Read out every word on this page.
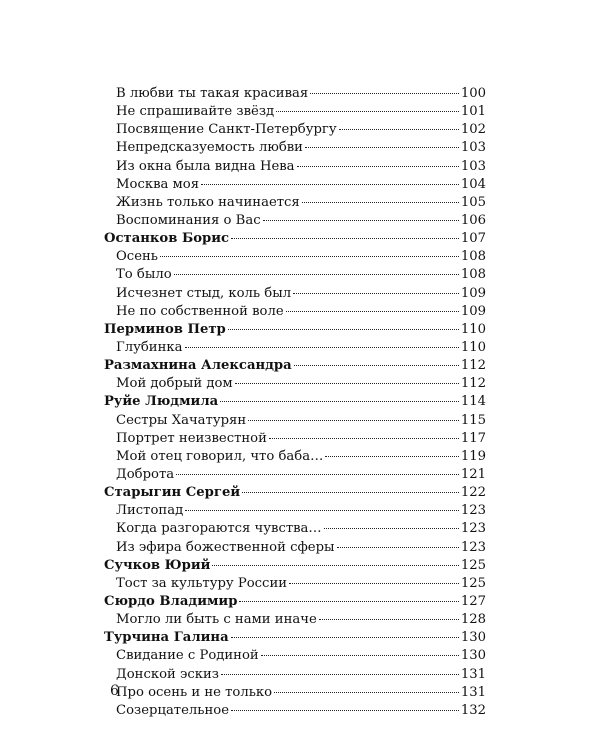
В любви ты такая красивая	100
Не спрашивайте звёзд	101
Посвящение Санкт-Петербургу	102
Непредсказуемость любви	103
Из окна была видна Нева	103
Москва моя	104
Жизнь только начинается	105
Воспоминания о Вас	106
Останков Борис	107
Осень	108
То было	108
Исчезнет стыд, коль был	109
Не по собственной воле	109
Перминов Петр	110
Глубинка	110
Размахнина Александра	112
Мой добрый дом	112
Руйе Людмила	114
Сестры Хачатурян	115
Портрет неизвестной	117
Мой отец говорил, что баба…	119
Доброта	121
Старыгин Сергей	122
Листопад	123
Когда разгораются чувства…	123
Из эфира божественной сферы	123
Сучков Юрий	125
Тост за культуру России	125
Сюрдо Владимир	127
Могло ли быть с нами иначе	128
Турчина Галина	130
Свидание с Родиной	130
Донской эскиз	131
Про осень и не только	131
Созерцательное	132
6
